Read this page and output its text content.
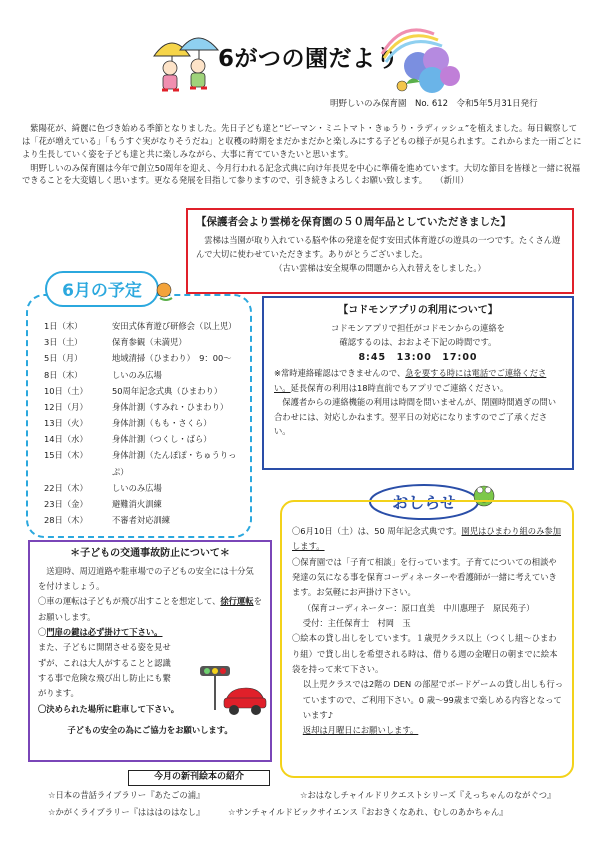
6がつの園だより
明野しいのみ保育園　No. 612　令和5年5月31日発行

紫陽花が、綺麗に色づき始める季節となりました。先日子ども達と“ピーマン・ミニトマト・きゅうり・ラディッシュ”を植えました。毎日観察しては「花が増えている」「もうすぐ実がなりそうだね」と収穫の時期をまだかまだかと楽しみにする子どもの様子が見られます。これからまた一雨ごとにより生長していく姿を子ども達と共に楽しみながら、大事に育てていきたいと思います。

明野しいのみ保育園は今年で創立50周年を迎え、今月行われる記念式典に向け年長児を中心に準備を進めています。大切な節目を皆様と一緒に祝福できることを大変嬉しく思います。更なる発展を目指して参りますので、引き続きよろしくお願い致します。　　（新川）

【保護者会より雲梯を保育園の５０周年品としていただきました】

雲梯は当園が取り入れている脳や体の発達を促す安田式体育遊びの遊具の一つです。たくさん遊んで大切に使わせていただきます。ありがとうございました。

（古い雲梯は安全規準の問題から入れ替えをしました。）

1日（木）	安田式体育遊び研修会（以上児）
3日（土）	保育参観（未満児）
5日（月）	地域清掃（ひまわり）　9：00～
8日（木）	しいのみ広場
10日（土）	50周年記念式典（ひまわり）
12日（月）	身体計測（すみれ・ひまわり）
13日（火）	身体計測（もも・さくら）
14日（水）	身体計測（つくし・ばら）
15日（木）	身体計測（たんぽぽ・ちゅうりっぷ）
22日（木）	しいのみ広場
23日（金）	避難消火訓練
28日（木）	不審者対応訓練
6月の予定
【コドモンアプリの利用について】

コドモンアプリで担任がコドモンからの連絡を

確認するのは、おおよそ下記の時間です。

8:45　13:00　17:00

※常時連絡確認はできませんので、急を要する時には電話でご連絡ください。延長保育の利用は18時直前でもアプリでご連絡ください。

保護者からの連絡機能の利用は時間を問いませんが、閉園時間過ぎの問い合わせには、対応しかねます。翌平日の対応になりますのでご了承ください。

おしらせ

〇6月10日（土）は、50 周年記念式典です。園児はひまわり組のみ参加します。

〇保育園では「子育て相談」を行っています。子育てについての相談や発達の気になる事を保育コーディネーターや看護師が一緒に考えていきます。お気軽にお声掛け下さい。

（保育コーディネーター：原口直美　中川惠理子　原民苑子）

受付：主任保育士　村岡　玉

〇絵本の貸し出しをしています。１歳児クラス以上（つくし組～ひまわり組）で貸し出しを希望される時は、借りる週の金曜日の朝までに絵本袋を持って来て下さい。

以上児クラスでは2階の DEN の部屋でボードゲームの貸し出しも行っていますので、ご利用下さい。0 歳～99歳まで楽しめる内容となっています♪

返却は月曜日にお願いします。

＊子どもの交通事故防止について＊

送迎時、周辺道路や駐車場での子どもの安全には十分気を付けましょう。

〇車の運転は子どもが飛び出すことを想定して、徐行運転をお願いします。

〇門扉の鍵は必ず掛けて下さい。また、子どもに開閉させる姿を見せずが、これは大人がすることと認識する事で危険な飛び出し防止にも繋がります。

〇決められた場所に駐車して下さい。

子どもの安全の為にご協力をお願いします。

今月の新刊絵本の紹介
☆日本の昔話ライブラリー『あたごの浦』	☆おはなしチャイルドリクエストシリーズ『えっちゃんのながぐつ』
☆かがくライブラリー『はははのはなし』	☆サンチャイルドビックサイエンス『おおきくなあれ、むしのあかちゃん』
